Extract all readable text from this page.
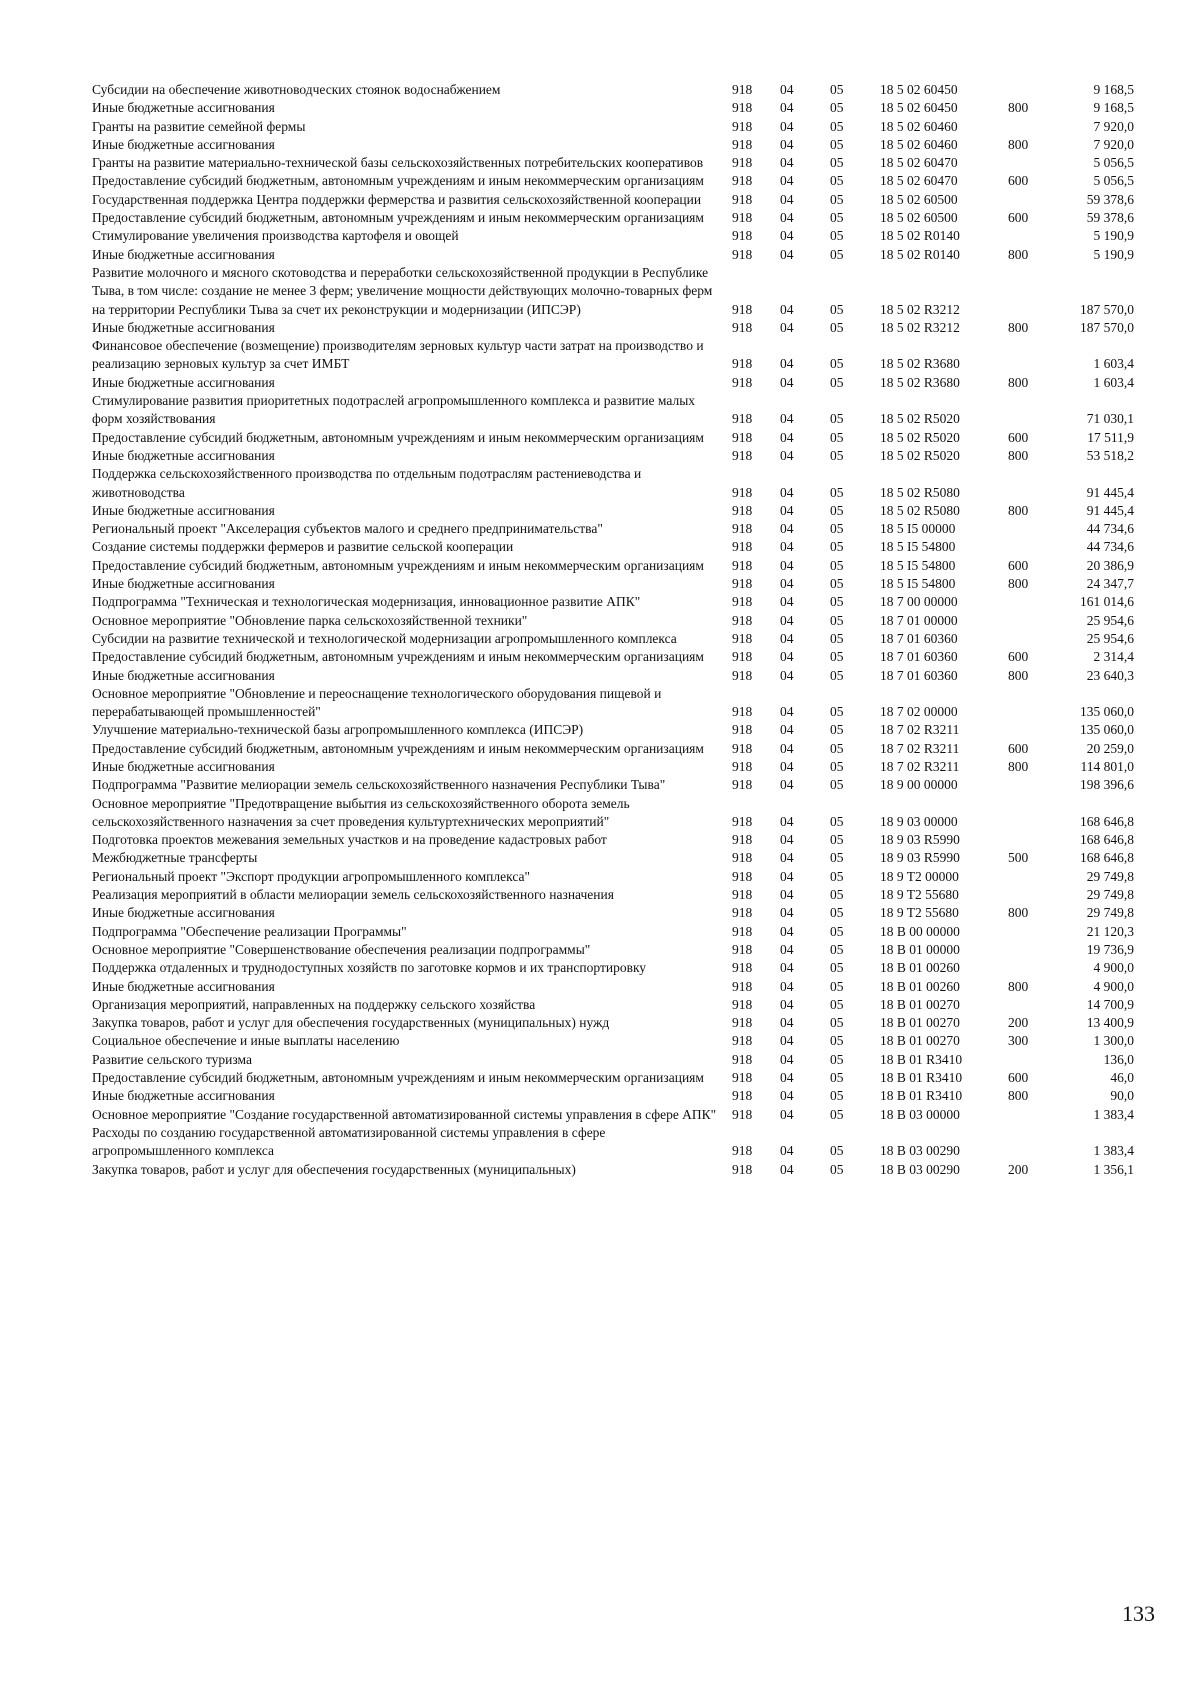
Субсидии на обеспечение животноводческих стоянок водоснабжением	918	04	05	18 5 02 60450		9 168,5
Иные бюджетные ассигнования	918	04	05	18 5 02 60450	800	9 168,5
Гранты на развитие семейной фермы	918	04	05	18 5 02 60460		7 920,0
Иные бюджетные ассигнования	918	04	05	18 5 02 60460	800	7 920,0
Гранты на развитие материально-технической базы сельскохозяйственных потребительских кооперативов	918	04	05	18 5 02 60470		5 056,5
Предоставление субсидий бюджетным, автономным учреждениям и иным некоммерческим организациям	918	04	05	18 5 02 60470	600	5 056,5
Государственная поддержка Центра поддержки фермерства и развития сельскохозяйственной кооперации	918	04	05	18 5 02 60500		59 378,6
Предоставление субсидий бюджетным, автономным учреждениям и иным некоммерческим организациям	918	04	05	18 5 02 60500	600	59 378,6
Стимулирование увеличения производства картофеля и овощей	918	04	05	18 5 02 R0140		5 190,9
Иные бюджетные ассигнования	918	04	05	18 5 02 R0140	800	5 190,9
Развитие молочного и мясного скотоводства и переработки сельскохозяйственной продукции в Республике Тыва, в том числе: создание не менее 3 ферм; увеличение мощности действующих молочно-товарных ферм на территории Республики Тыва за счет их реконструкции и модернизации (ИПСЭР)	918	04	05	18 5 02 R3212		187 570,0
Иные бюджетные ассигнования	918	04	05	18 5 02 R3212	800	187 570,0
Финансовое обеспечение (возмещение) производителям зерновых культур части затрат на производство и реализацию зерновых культур за счет ИМБТ	918	04	05	18 5 02 R3680		1 603,4
Иные бюджетные ассигнования	918	04	05	18 5 02 R3680	800	1 603,4
Стимулирование развития приоритетных подотраслей агропромышленного комплекса и развитие малых форм хозяйствования	918	04	05	18 5 02 R5020		71 030,1
Предоставление субсидий бюджетным, автономным учреждениям и иным некоммерческим организациям	918	04	05	18 5 02 R5020	600	17 511,9
Иные бюджетные ассигнования	918	04	05	18 5 02 R5020	800	53 518,2
Поддержка сельскохозяйственного производства по отдельным подотраслям растениеводства и животноводства	918	04	05	18 5 02 R5080		91 445,4
Иные бюджетные ассигнования	918	04	05	18 5 02 R5080	800	91 445,4
Региональный проект "Акселерация субъектов малого и среднего предпринимательства"	918	04	05	18 5 I5 00000		44 734,6
Создание системы поддержки фермеров и развитие сельской кооперации	918	04	05	18 5 I5 54800		44 734,6
Предоставление субсидий бюджетным, автономным учреждениям и иным некоммерческим организациям	918	04	05	18 5 I5 54800	600	20 386,9
Иные бюджетные ассигнования	918	04	05	18 5 I5 54800	800	24 347,7
Подпрограмма "Техническая и технологическая модернизация, инновационное развитие АПК"	918	04	05	18 7 00 00000		161 014,6
Основное мероприятие "Обновление парка сельскохозяйственной техники"	918	04	05	18 7 01 00000		25 954,6
Субсидии на развитие технической и технологической модернизации агропромышленного комплекса	918	04	05	18 7 01 60360		25 954,6
Предоставление субсидий бюджетным, автономным учреждениям и иным некоммерческим организациям	918	04	05	18 7 01 60360	600	2 314,4
Иные бюджетные ассигнования	918	04	05	18 7 01 60360	800	23 640,3
Основное мероприятие "Обновление и переоснащение технологического оборудования пищевой и перерабатывающей промышленностей"	918	04	05	18 7 02 00000		135 060,0
Улучшение материально-технической базы агропромышленного комплекса (ИПСЭР)	918	04	05	18 7 02 R3211		135 060,0
Предоставление субсидий бюджетным, автономным учреждениям и иным некоммерческим организациям	918	04	05	18 7 02 R3211	600	20 259,0
Иные бюджетные ассигнования	918	04	05	18 7 02 R3211	800	114 801,0
Подпрограмма "Развитие мелиорации земель сельскохозяйственного назначения Республики Тыва"	918	04	05	18 9 00 00000		198 396,6
Основное мероприятие "Предотвращение выбытия из сельскохозяйственного оборота земель сельскохозяйственного назначения за счет проведения культуртехнических мероприятий"	918	04	05	18 9 03 00000		168 646,8
Подготовка проектов межевания земельных участков и на проведение кадастровых работ	918	04	05	18 9 03 R5990		168 646,8
Межбюджетные трансферты	918	04	05	18 9 03 R5990	500	168 646,8
Региональный проект "Экспорт продукции агропромышленного комплекса"	918	04	05	18 9 T2 00000		29 749,8
Реализация мероприятий в области мелиорации земель сельскохозяйственного назначения	918	04	05	18 9 T2 55680		29 749,8
Иные бюджетные ассигнования	918	04	05	18 9 T2 55680	800	29 749,8
Подпрограмма "Обеспечение реализации Программы"	918	04	05	18 B 00 00000		21 120,3
Основное мероприятие "Совершенствование обеспечения реализации подпрограммы"	918	04	05	18 B 01 00000		19 736,9
Поддержка отдаленных и труднодоступных хозяйств по заготовке кормов и их транспортировку	918	04	05	18 B 01 00260		4 900,0
Иные бюджетные ассигнования	918	04	05	18 B 01 00260	800	4 900,0
Организация мероприятий, направленных на поддержку сельского хозяйства	918	04	05	18 B 01 00270		14 700,9
Закупка товаров, работ и услуг для обеспечения государственных (муниципальных) нужд	918	04	05	18 B 01 00270	200	13 400,9
Социальное обеспечение и иные выплаты населению	918	04	05	18 B 01 00270	300	1 300,0
Развитие сельского туризма	918	04	05	18 B 01 R3410		136,0
Предоставление субсидий бюджетным, автономным учреждениям и иным некоммерческим организациям	918	04	05	18 B 01 R3410	600	46,0
Иные бюджетные ассигнования	918	04	05	18 B 01 R3410	800	90,0
Основное мероприятие "Создание государственной автоматизированной системы управления в сфере АПК"	918	04	05	18 B 03 00000		1 383,4
Расходы по созданию государственной автоматизированной системы управления в сфере агропромышленного комплекса	918	04	05	18 B 03 00290		1 383,4
Закупка товаров, работ и услуг для обеспечения государственных (муниципальных)	918	04	05	18 B 03 00290	200	1 356,1
133
